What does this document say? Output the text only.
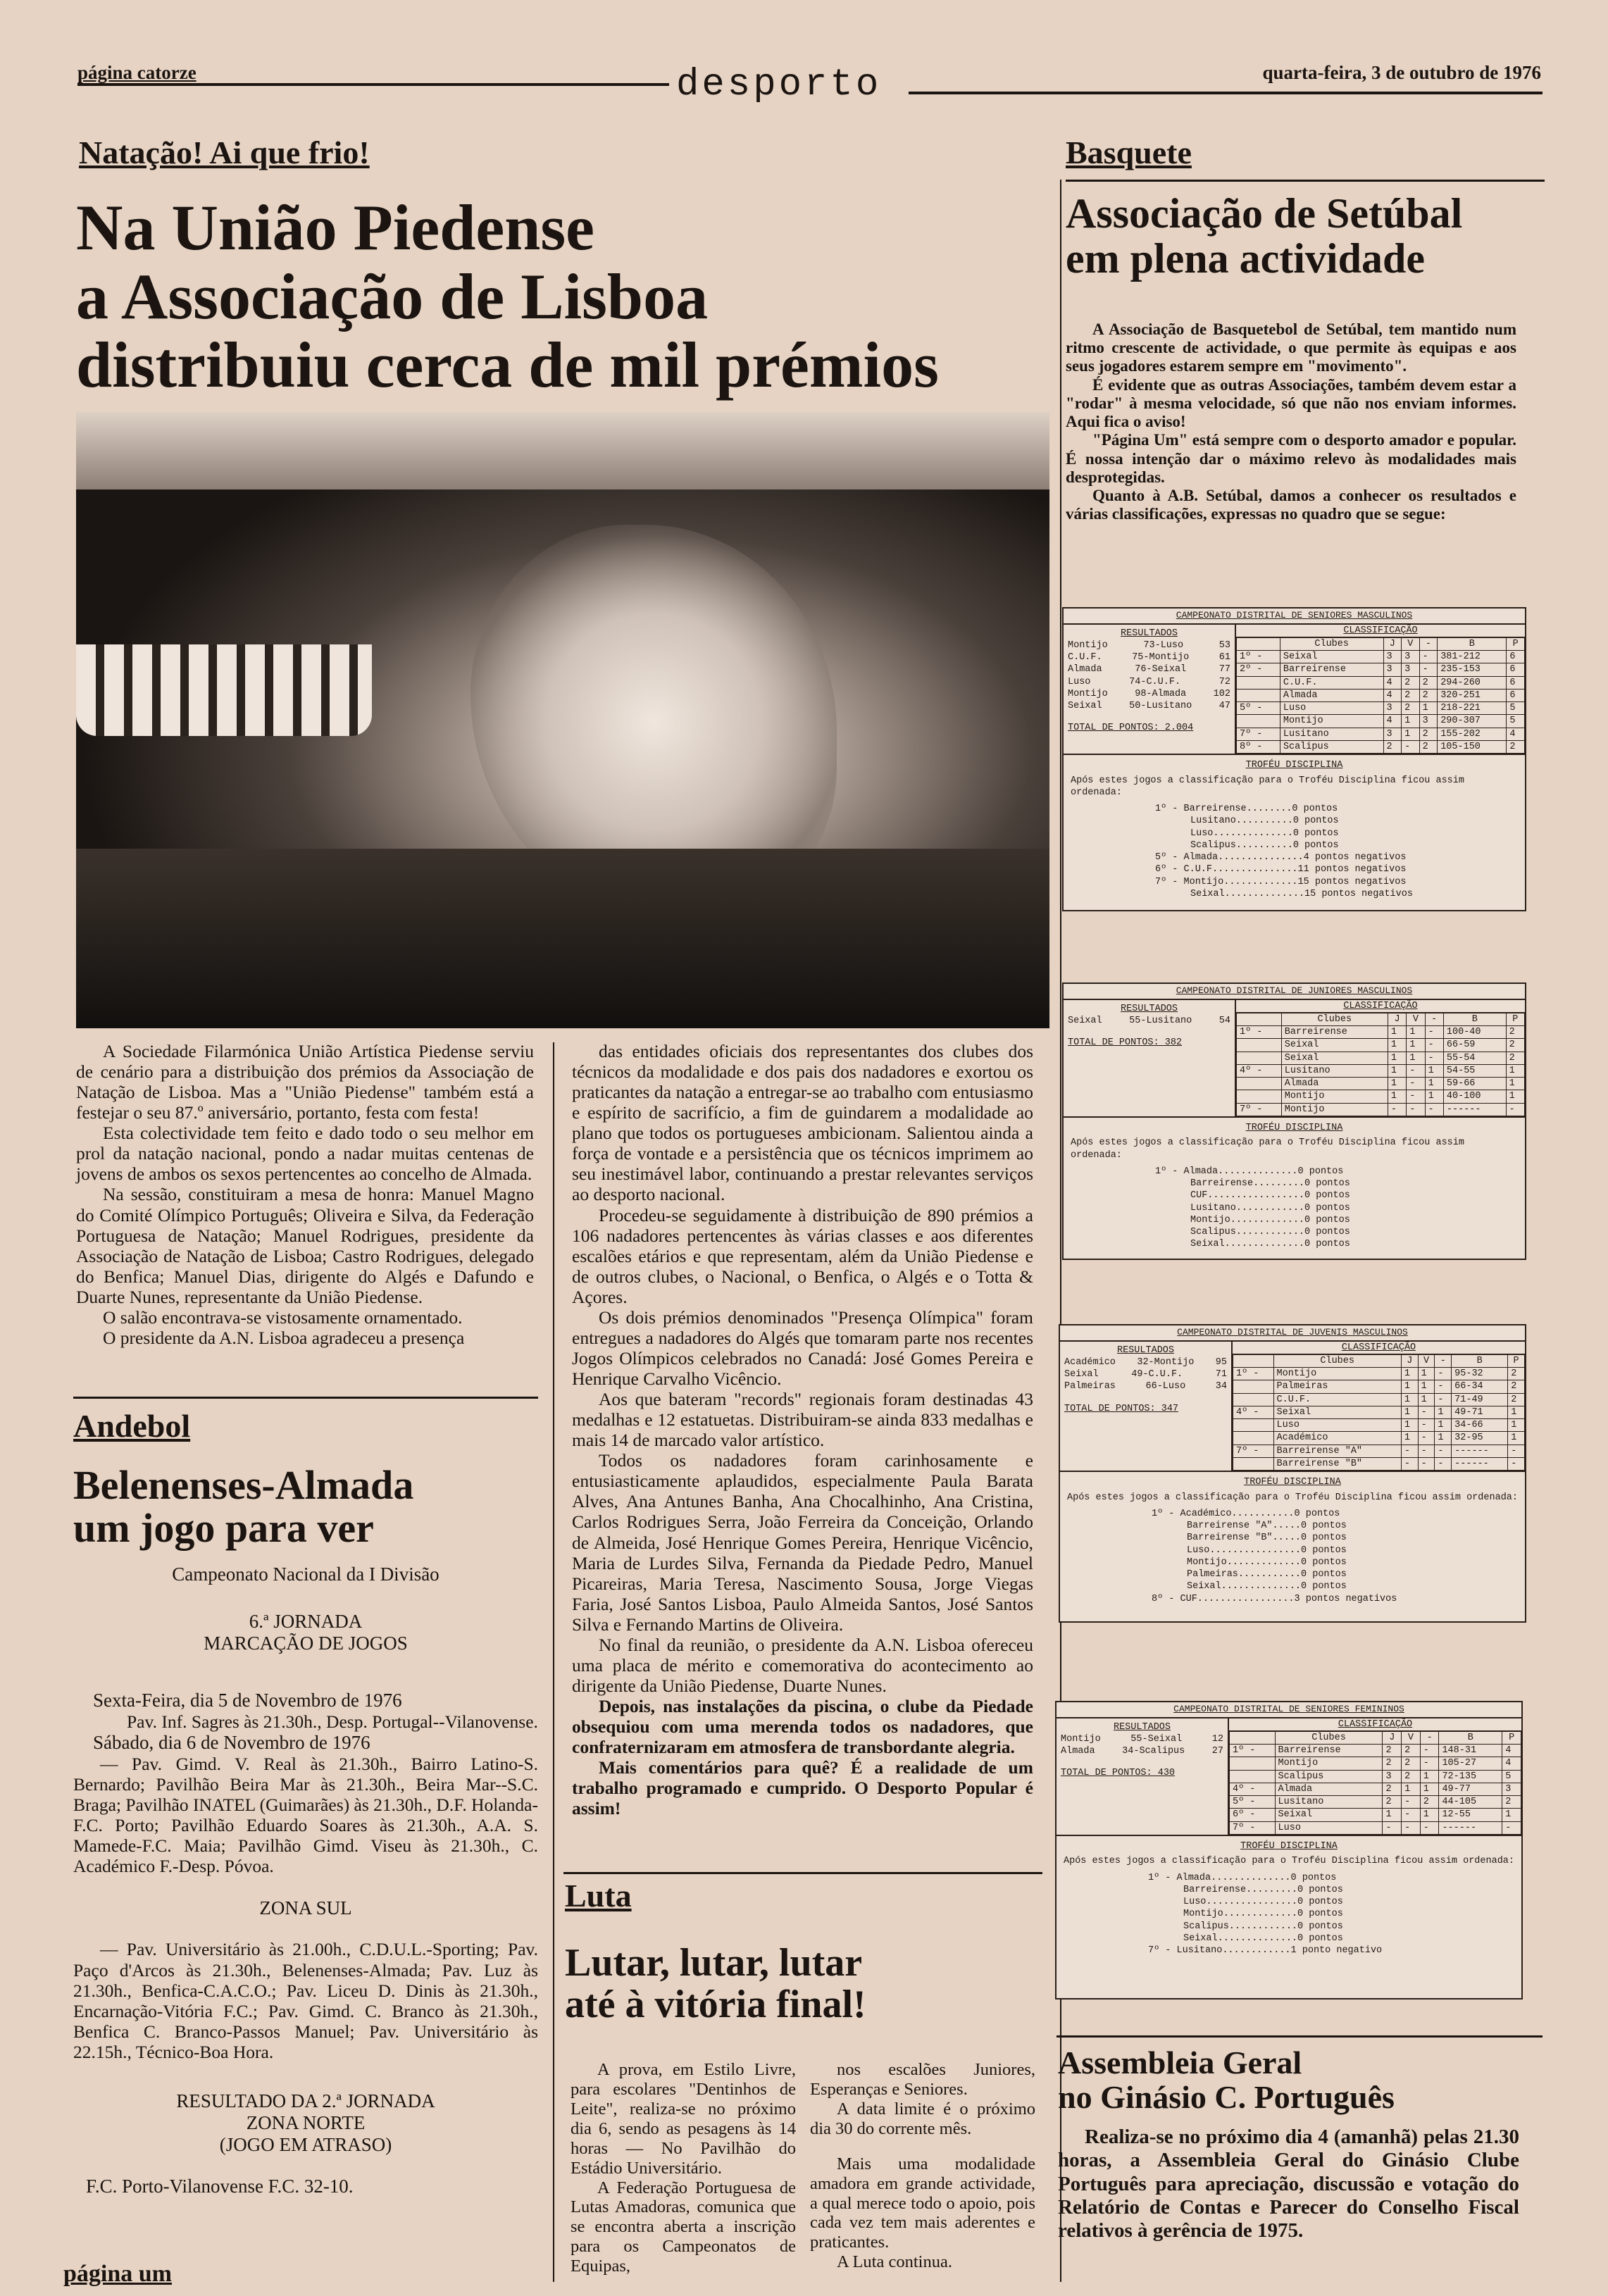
página catorze	desporto	quarta-feira, 3 de outubro de 1976
Natação! Ai que frio!
Na União Piedense
a Associação de Lisboa
distribuiu cerca de mil prémios

A Sociedade Filarmónica União Artística Piedense serviu de cenário para a distribuição dos prémios da Associação de Natação de Lisboa. Mas a "União Piedense" também está a festejar o seu 87.º aniversário, portanto, festa com festa!

Esta colectividade tem feito e dado todo o seu melhor em prol da natação nacional, pondo a nadar muitas centenas de jovens de ambos os sexos pertencentes ao concelho de Almada.

Na sessão, constituiram a mesa de honra: Manuel Magno do Comité Olímpico Português; Oliveira e Silva, da Federação Portuguesa de Natação; Manuel Rodrigues, presidente da Associação de Natação de Lisboa; Castro Rodrigues, delegado do Benfica; Manuel Dias, dirigente do Algés e Dafundo e Duarte Nunes, representante da União Piedense.

O salão encontrava-se vistosamente ornamentado.

O presidente da A.N. Lisboa agradeceu a presença

das entidades oficiais dos representantes dos clubes dos técnicos da modalidade e dos pais dos nadadores e exortou os praticantes da natação a entregar-se ao trabalho com entusiasmo e espírito de sacrifício, a fim de guindarem a modalidade ao plano que todos os portugueses ambicionam. Salientou ainda a força de vontade e a persistência que os técnicos imprimem ao seu inestimável labor, continuando a prestar relevantes serviços ao desporto nacional.

Procedeu-se seguidamente à distribuição de 890 prémios a 106 nadadores pertencentes às várias classes e aos diferentes escalões etários e que representam, além da União Piedense e de outros clubes, o Nacional, o Benfica, o Algés e o Totta & Açores.

Os dois prémios denominados "Presença Olímpica" foram entregues a nadadores do Algés que tomaram parte nos recentes Jogos Olímpicos celebrados no Canadá: José Gomes Pereira e Henrique Carvalho Vicêncio.

Aos que bateram "records" regionais foram destinadas 43 medalhas e 12 estatuetas. Distribuiram-se ainda 833 medalhas e mais 14 de marcado valor artístico.

Todos os nadadores foram carinhosamente e entusiasticamente aplaudidos, especialmente Paula Barata Alves, Ana Antunes Banha, Ana Chocalhinho, Ana Cristina, Carlos Rodrigues Serra, João Ferreira da Conceição, Orlando de Almeida, José Henrique Gomes Pereira, Henrique Vicêncio, Maria de Lurdes Silva, Fernanda da Piedade Pedro, Manuel Picareiras, Maria Teresa, Nascimento Sousa, Jorge Viegas Faria, José Santos Lisboa, Paulo Almeida Santos, José Santos Silva e Fernando Martins de Oliveira.

No final da reunião, o presidente da A.N. Lisboa ofereceu uma placa de mérito e comemorativa do acontecimento ao dirigente da União Piedense, Duarte Nunes.

Depois, nas instalações da piscina, o clube da Piedade obsequiou com uma merenda todos os nadadores, que confraternizaram em atmosfera de transbordante alegria.

Mais comentários para quê? É a realidade de um trabalho programado e cumprido. O Desporto Popular é assim!

Andebol
Belenenses-Almada
um jogo para ver
Campeonato Nacional da I Divisão
6.ª JORNADA
MARCAÇÃO DE JOGOS
Sexta-Feira, dia 5 de Novembro de 1976
Pav. Inf. Sagres às 21.30h., Desp. Portugal--Vilanovense.
Sábado, dia 6 de Novembro de 1976
— Pav. Gimd. V. Real às 21.30h., Bairro Latino-S. Bernardo; Pavilhão Beira Mar às 21.30h., Beira Mar--S.C. Braga; Pavilhão INATEL (Guimarães) às 21.30h., D.F. Holanda-F.C. Porto; Pavilhão Eduardo Soares às 21.30h., A.A. S. Mamede-F.C. Maia; Pavilhão Gimd. Viseu às 21.30h., C. Académico F.-Desp. Póvoa.
ZONA SUL
— Pav. Universitário às 21.00h., C.D.U.L.-Sporting; Pav. Paço d'Arcos às 21.30h., Belenenses-Almada; Pav. Luz às 21.30h., Benfica-C.A.C.O.; Pav. Liceu D. Dinis às 21.30h., Encarnação-Vitória F.C.; Pav. Gimd. C. Branco às 21.30h., Benfica C. Branco-Passos Manuel; Pav. Universitário às 22.15h., Técnico-Boa Hora.
RESULTADO DA 2.ª JORNADA
ZONA NORTE
(JOGO EM ATRASO)
F.C. Porto-Vilanovense F.C. 32-10.
Luta
Lutar, lutar, lutar
até à vitória final!

A prova, em Estilo Livre, para escolares "Dentinhos de Leite", realiza-se no próximo dia 6, sendo as pesagens às 14 horas — No Pavilhão do Estádio Universitário.

A Federação Portuguesa de Lutas Amadoras, comunica que se encontra aberta a inscrição para os Campeonatos de Equipas,

nos escalões Juniores, Esperanças e Seniores.

A data limite é o próximo dia 30 do corrente mês.

Mais uma modalidade amadora em grande actividade, a qual merece todo o apoio, pois cada vez tem mais aderentes e praticantes.

A Luta continua.

Basquete
Associação de Setúbal
em plena actividade

A Associação de Basquetebol de Setúbal, tem mantido num ritmo crescente de actividade, o que permite às equipas e aos seus jogadores estarem sempre em "movimento".

É evidente que as outras Associações, também devem estar a "rodar" à mesma velocidade, só que não nos enviam informes. Aqui fica o aviso!

"Página Um" está sempre com o desporto amador e popular. É nossa intenção dar o máximo relevo às modalidades mais desprotegidas.

Quanto à A.B. Setúbal, damos a conhecer os resultados e várias classificações, expressas no quadro que se segue:

CAMPEONATO DISTRITAL DE SENIORES MASCULINOS
RESULTADOS
Montijo	73-Luso	53
C.U.F.	75-Montijo	61
Almada	76-Seixal	77
Luso	74-C.U.F.	72
Montijo	98-Almada	102
Seixal	50-Lusitano	47
TOTAL DE PONTOS: 2.004
CLASSIFICAÇÃO
	Clubes	J	V	-	B	P
1º -	Seixal	3	3	-	381-212	6
2º -	Barreirense	3	3	-	235-153	6
	C.U.F.	4	2	2	294-260	6
	Almada	4	2	2	320-251	6
5º -	Luso	3	2	1	218-221	5
	Montijo	4	1	3	290-307	5
7º -	Lusitano	3	1	2	155-202	4
8º -	Scalipus	2	-	2	105-150	2
TROFÉU DISCIPLINA
Após estes jogos a classificação para o Troféu Disciplina ficou assim ordenada:
1º - Barreirense........0 pontos
Lusitano..........0 pontos
Luso..............0 pontos
Scalipus..........0 pontos
5º - Almada...............4 pontos negativos
6º - C.U.F...............11 pontos negativos
7º - Montijo.............15 pontos negativos
Seixal..............15 pontos negativos
CAMPEONATO DISTRITAL DE JUNIORES MASCULINOS
RESULTADOS
Seixal	55-Lusitano	54
TOTAL DE PONTOS: 382
CLASSIFICAÇÃO
	Clubes	J	V	-	B	P
1º -	Barreirense	1	1	-	100-40	2
	Seixal	1	1	-	66-59	2
	Seixal	1	1	-	55-54	2
4º -	Lusitano	1	-	1	54-55	1
	Almada	1	-	1	59-66	1
	Montijo	1	-	1	40-100	1
7º -	Montijo	-	-	-	------	-
TROFÉU DISCIPLINA
Após estes jogos a classificação para o Troféu Disciplina ficou assim ordenada:
1º - Almada..............0 pontos
Barreirense.........0 pontos
CUF.................0 pontos
Lusitano............0 pontos
Montijo.............0 pontos
Scalipus............0 pontos
Seixal..............0 pontos
CAMPEONATO DISTRITAL DE JUVENIS MASCULINOS
RESULTADOS
Académico 32-Montijo 95
Seixal	49-C.U.F.	71
Palmeiras	66-Luso	34
TOTAL DE PONTOS: 347
CLASSIFICAÇÃO
	Clubes	J	V	-	B	P
1º -	Montijo	1	1	-	95-32	2
	Palmeiras	1	1	-	66-34	2
	C.U.F.	1	1	-	71-49	2
4º -	Seixal	1	-	1	49-71	1
	Luso	1	-	1	34-66	1
	Académico	1	-	1	32-95	1
7º -	Barreirense "A"	-	-	-	------	-
	Barreirense "B"	-	-	-	------	-
TROFÉU DISCIPLINA
Após estes jogos a classificação para o Troféu Disciplina ficou assim ordenada:
1º - Académico...........0 pontos
Barreirense "A".....0 pontos
Barreirense "B".....0 pontos
Luso................0 pontos
Montijo.............0 pontos
Palmeiras...........0 pontos
Seixal..............0 pontos
8º - CUF.................3 pontos negativos
CAMPEONATO DISTRITAL DE SENIORES FEMININOS
RESULTADOS
Montijo	55-Seixal	12
Almada	34-Scalipus	27
TOTAL DE PONTOS: 430
CLASSIFICAÇÃO
	Clubes	J	V	-	B	P
1º -	Barreirense	2	2	-	148-31	4
	Montijo	2	2	-	105-27	4
	Scalipus	3	2	1	72-135	5
4º -	Almada	2	1	1	49-77	3
5º -	Lusitano	2	-	2	44-105	2
6º -	Seixal	1	-	1	12-55	1
7º -	Luso	-	-	-	------	-
TROFÉU DISCIPLINA
Após estes jogos a classificação para o Troféu Disciplina ficou assim ordenada:
1º - Almada..............0 pontos
Barreirense.........0 pontos
Luso................0 pontos
Montijo.............0 pontos
Scalipus............0 pontos
Seixal..............0 pontos
7º - Lusitano............1 ponto negativo
Assembleia Geral
no Ginásio C. Português

Realiza-se no próximo dia 4 (amanhã) pelas 21.30 horas, a Assembleia Geral do Ginásio Clube Português para apreciação, discussão e votação do Relatório de Contas e Parecer do Conselho Fiscal relativos à gerência de 1975.

página um
